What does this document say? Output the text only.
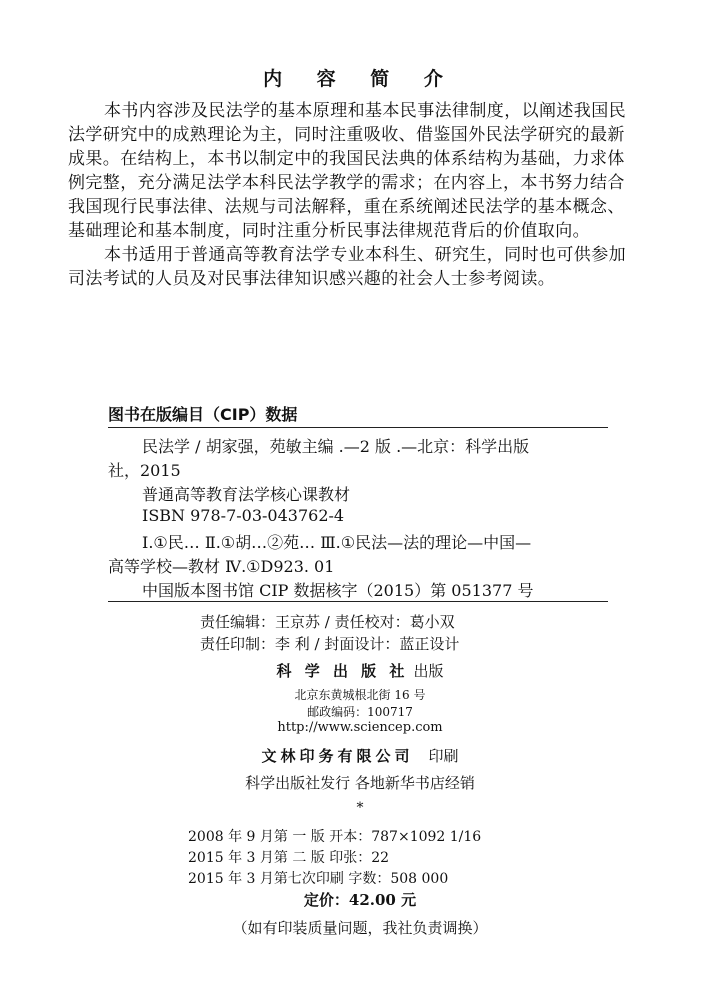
内 容 简 介
本书内容涉及民法学的基本原理和基本民事法律制度，以阐述我国民
法学研究中的成熟理论为主，同时注重吸收、借鉴国外民法学研究的最新
成果。在结构上，本书以制定中的我国民法典的体系结构为基础，力求体
例完整，充分满足法学本科民法学教学的需求；在内容上，本书努力结合
我国现行民事法律、法规与司法解释，重在系统阐述民法学的基本概念、
基础理论和基本制度，同时注重分析民事法律规范背后的价值取向。
本书适用于普通高等教育法学专业本科生、研究生，同时也可供参加
司法考试的人员及对民事法律知识感兴趣的社会人士参考阅读。
图书在版编目（CIP）数据
民法学 / 胡家强，苑敏主编 .—2 版 .—北京：科学出版
社，2015
普通高等教育法学核心课教材
ISBN 978-7-03-043762-4
Ⅰ.①民… Ⅱ.①胡…②苑… Ⅲ.①民法—法的理论—中国—
高等学校—教材 Ⅳ.①D923. 01
中国版本图书馆 CIP 数据核字（2015）第 051377 号
责任编辑：王京苏 / 责任校对：葛小双
责任印制：李 利 / 封面设计：蓝正设计
科 学 出 版 社 出版
北京东黄城根北街 16 号
邮政编码：100717
http://www.sciencep.com
文林印务有限公司 印刷
科学出版社发行 各地新华书店经销
*
2008 年 9 月第 一 版 开本：787×1092 1/16
2015 年 3 月第 二 版 印张：22
2015 年 3 月第七次印刷 字数：508 000
定价：42.00 元
（如有印装质量问题，我社负责调换）
